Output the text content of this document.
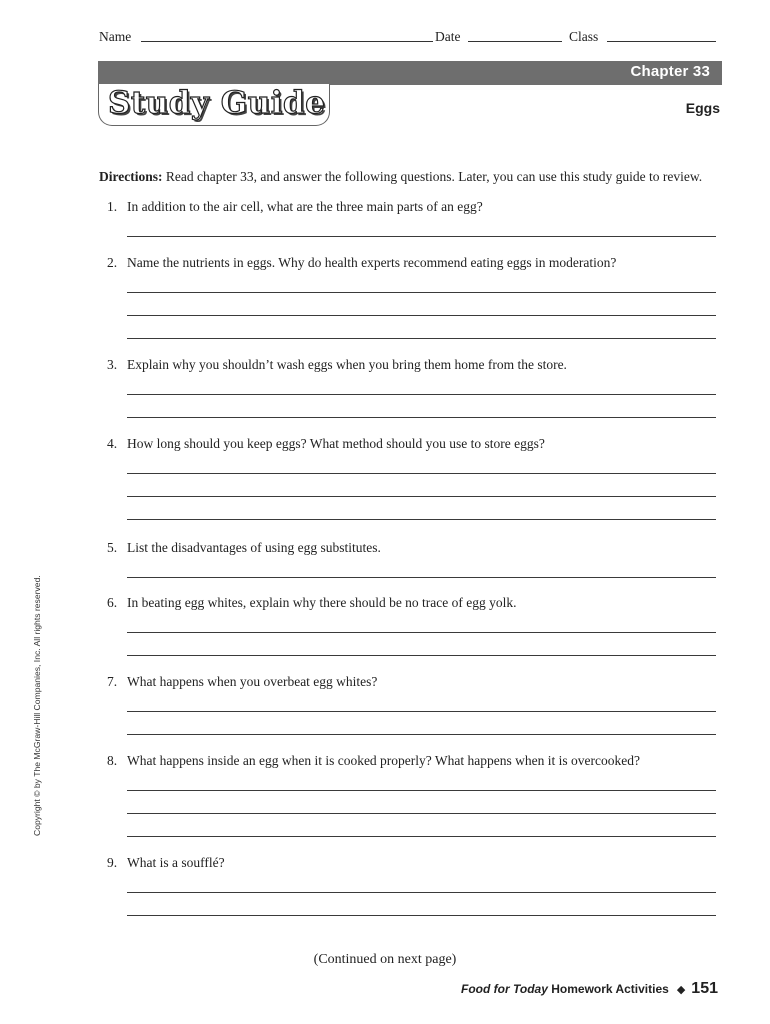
Name	Date	Class
Chapter 33
Study Guide	Eggs
Directions: Read chapter 33, and answer the following questions. Later, you can use this study guide to review.
1. In addition to the air cell, what are the three main parts of an egg?
2. Name the nutrients in eggs. Why do health experts recommend eating eggs in moderation?
3. Explain why you shouldn’t wash eggs when you bring them home from the store.
4. How long should you keep eggs? What method should you use to store eggs?
5. List the disadvantages of using egg substitutes.
6. In beating egg whites, explain why there should be no trace of egg yolk.
7. What happens when you overbeat egg whites?
8. What happens inside an egg when it is cooked properly? What happens when it is overcooked?
9. What is a soufflé?
(Continued on next page)
Food for Today Homework Activities ◆ 151
Copyright © by The McGraw-Hill Companies, Inc. All rights reserved.
